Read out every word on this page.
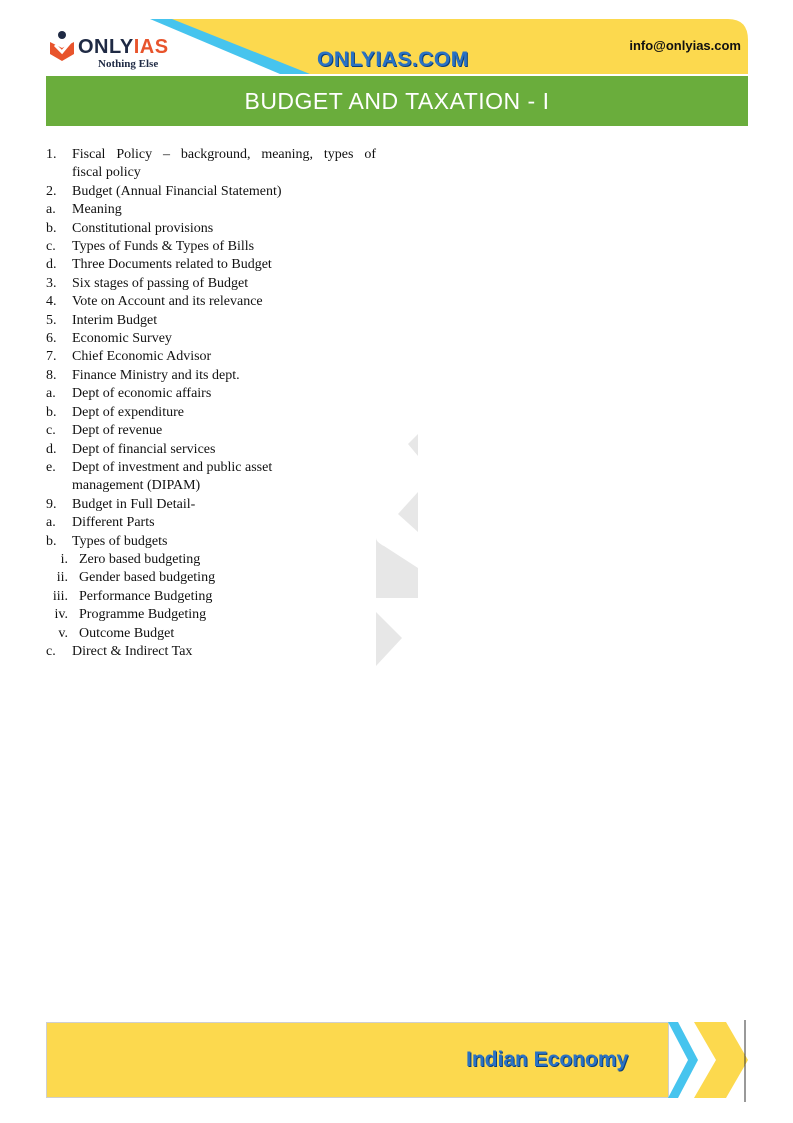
ONLYIAS
Nothing Else	ONLYIAS.COM
info@onlyias.com
BUDGET AND TAXATION - I
1.	Fiscal Policy – background, meaning, types of

fiscal policy
2.	Budget (Annual Financial Statement)
a.	Meaning
b.	Constitutional provisions
c.	Types of Funds & Types of Bills
d.	Three Documents related to Budget
3.	Six stages of passing of Budget
4.	Vote on Account and its relevance
5.	Interim Budget
6.	Economic Survey
7.	Chief Economic Advisor
8.	Finance Ministry and its dept.
a.	Dept of economic affairs
b.	Dept of expenditure
c.	Dept of revenue
d.	Dept of financial services
e.	Dept of investment and public asset
management (DIPAM)
9.	Budget in Full Detail-
a.	Different Parts
b.	Types of budgets
i. Zero based budgeting
ii. Gender based budgeting
iii. Performance Budgeting
iv. Programme Budgeting
v. Outcome Budget
c.	Direct & Indirect Tax
Indian Economy
